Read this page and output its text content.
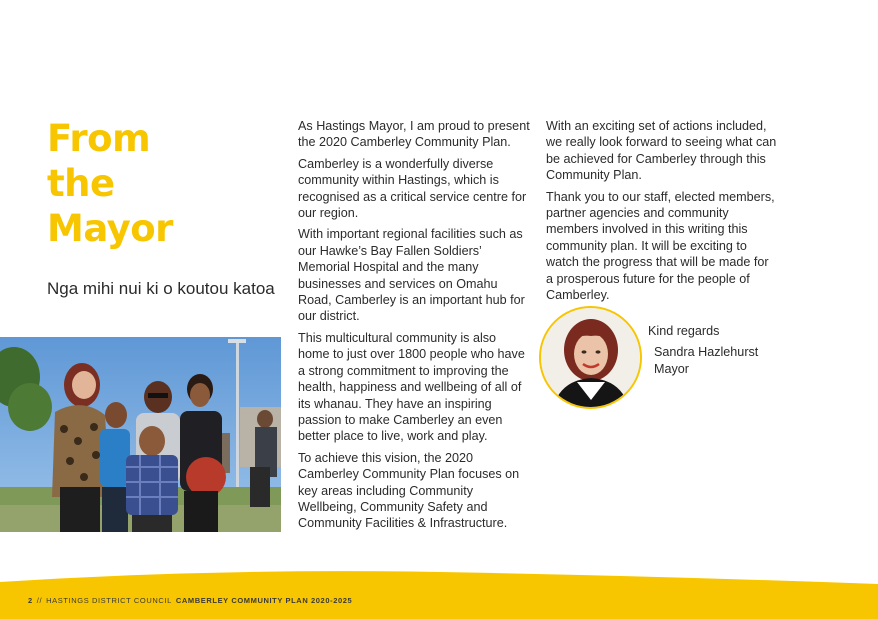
From
the
Mayor
Nga mihi nui ki o koutou katoa

As Hastings Mayor, I am proud to present the 2020 Camberley Community Plan.

Camberley is a wonderfully diverse community within Hastings, which is recognised as a critical service centre for our region.

With important regional facilities such as our Hawke’s Bay Fallen Soldiers’ Memorial Hospital and the many businesses and services on Omahu Road, Camberley is an important hub for our district.

This multicultural community is also home to just over 1800 people who have a strong commitment to improving the health, happiness and wellbeing of all of its whanau. They have an inspiring passion to make Camberley an even better place to live, work and play.

To achieve this vision, the 2020 Camberley Community Plan focuses on key areas including Community Wellbeing, Community Safety and Community Facilities & Infrastructure.

With an exciting set of actions included, we really look forward to seeing what can be achieved for Camberley through this Community Plan.

Thank you to our staff, elected members, partner agencies and community members involved in this writing this community plan. It will be exciting to watch the progress that will be made for a prosperous future for the people of Camberley.

Kind regards
Sandra Hazlehurst
Mayor
2 // HASTINGS DISTRICT COUNCIL CAMBERLEY COMMUNITY PLAN 2020-2025
